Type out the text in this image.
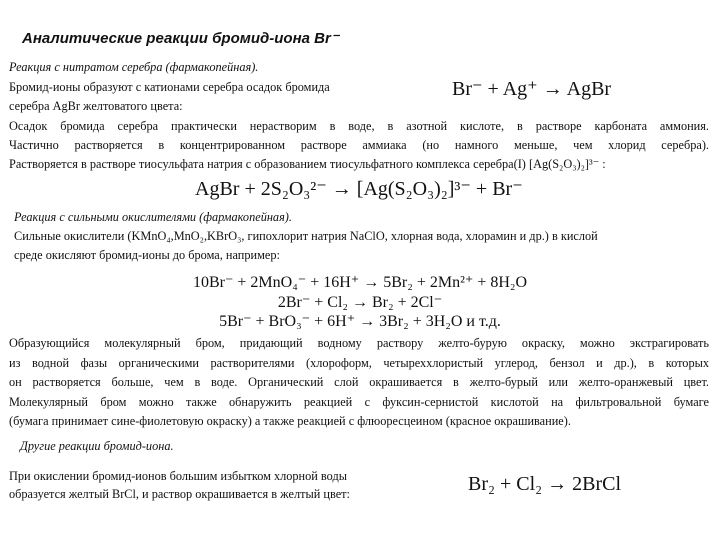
Аналитические реакции бромид-иона Br⁻
Реакция с нитратом серебра (фармакопейная).
Бромид-ионы образуют с катионами серебра осадок бромида
серебра AgBr желтоватого цвета:
Br⁻ + Ag⁺ → AgBr
Осадок бромида серебра практически нерастворим в воде, в азотной кислоте, в растворе карбоната аммония.
Частично растворяется в концентрированном растворе аммиака (но намного меньше, чем хлорид серебра).
Растворяется в растворе тиосульфата натрия с образованием тиосульфатного комплекса серебра(I) [Ag(S₂O₃)₂]³⁻ :
AgBr + 2S₂O₃²⁻ → [Ag(S₂O₃)₂]³⁻ + Br⁻
Реакция с сильными окислителями (фармакопейная).
Сильные окислители (KMnO₄,MnO₂,KBrO₃, гипохлорит натрия NaClO, хлорная вода, хлорамин и др.) в кислой
среде окисляют бромид-ионы до брома, например:
10Br⁻ + 2MnO₄⁻ + 16H⁺ → 5Br₂ + 2Mn²⁺ + 8H₂O
2Br⁻ + Cl₂ → Br₂ + 2Cl⁻
5Br⁻ + BrO₃⁻ + 6H⁺ → 3Br₂ + 3H₂O и т.д.
Образующийся молекулярный бром, придающий водному раствору желто-бурую окраску, можно экстрагировать
из водной фазы органическими растворителями (хлороформ, четыреххлористый углерод, бензол и др.), в которых
он растворяется больше, чем в воде. Органический слой окрашивается в желто-бурый или желто-оранжевый цвет.
Молекулярный бром можно также обнаружить реакцией с фуксин-сернистой кислотой на фильтровальной бумаге
(бумага принимает сине-фиолетовую окраску) а также реакцией с флюоресцеином (красное окрашивание).
Другие реакции бромид-иона.
При окислении бромид-ионов большим избытком хлорной воды
образуется желтый BrCl, и раствор окрашивается в желтый цвет:	Br₂ + Cl₂ → 2BrCl
